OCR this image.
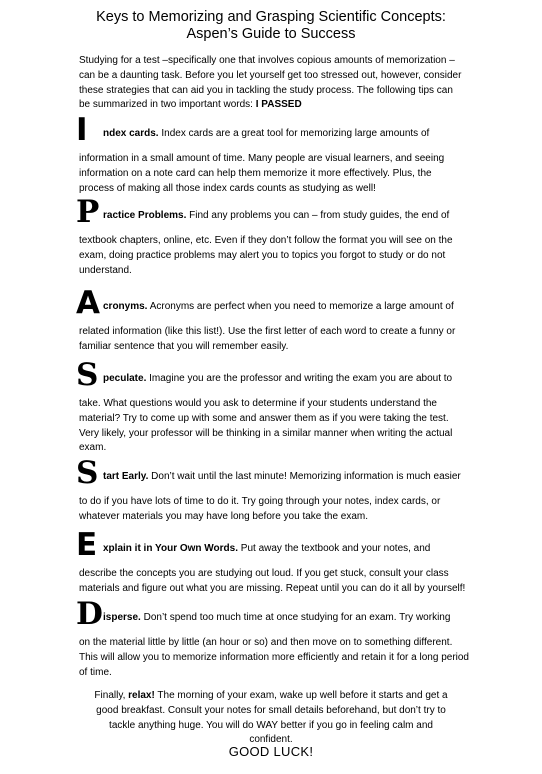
Keys to Memorizing and Grasping Scientific Concepts:
Aspen’s Guide to Success
Studying for a test –specifically one that involves copious amounts of memorization – can be a daunting task. Before you let yourself get too stressed out, however, consider these strategies that can aid you in tackling the study process. The following tips can be summarized in two important words: I PASSED
I ndex cards. Index cards are a great tool for memorizing large amounts of
information in a small amount of time. Many people are visual learners, and seeing information on a note card can help them memorize it more effectively. Plus, the process of making all those index cards counts as studying as well!
P ractice Problems. Find any problems you can – from study guides, the end of
textbook chapters, online, etc. Even if they don’t follow the format you will see on the exam, doing practice problems may alert you to topics you forgot to study or do not understand.
A cronyms. Acronyms are perfect when you need to memorize a large amount of
related information (like this list!). Use the first letter of each word to create a funny or familiar sentence that you will remember easily.
S peculate. Imagine you are the professor and writing the exam you are about to
take. What questions would you ask to determine if your students understand the material? Try to come up with some and answer them as if you were taking the test. Very likely, your professor will be thinking in a similar manner when writing the actual exam.
S tart Early. Don’t wait until the last minute! Memorizing information is much easier
to do if you have lots of time to do it. Try going through your notes, index cards, or whatever materials you may have long before you take the exam.
E xplain it in Your Own Words. Put away the textbook and your notes, and
describe the concepts you are studying out loud. If you get stuck, consult your class materials and figure out what you are missing. Repeat until you can do it all by yourself!
D isperse. Don’t spend too much time at once studying for an exam. Try working
on the material little by little (an hour or so) and then move on to something different. This will allow you to memorize information more efficiently and retain it for a long period of time.
Finally, relax! The morning of your exam, wake up well before it starts and get a good breakfast. Consult your notes for small details beforehand, but don’t try to tackle anything huge. You will do WAY better if you go in feeling calm and confident.
GOOD LUCK!
